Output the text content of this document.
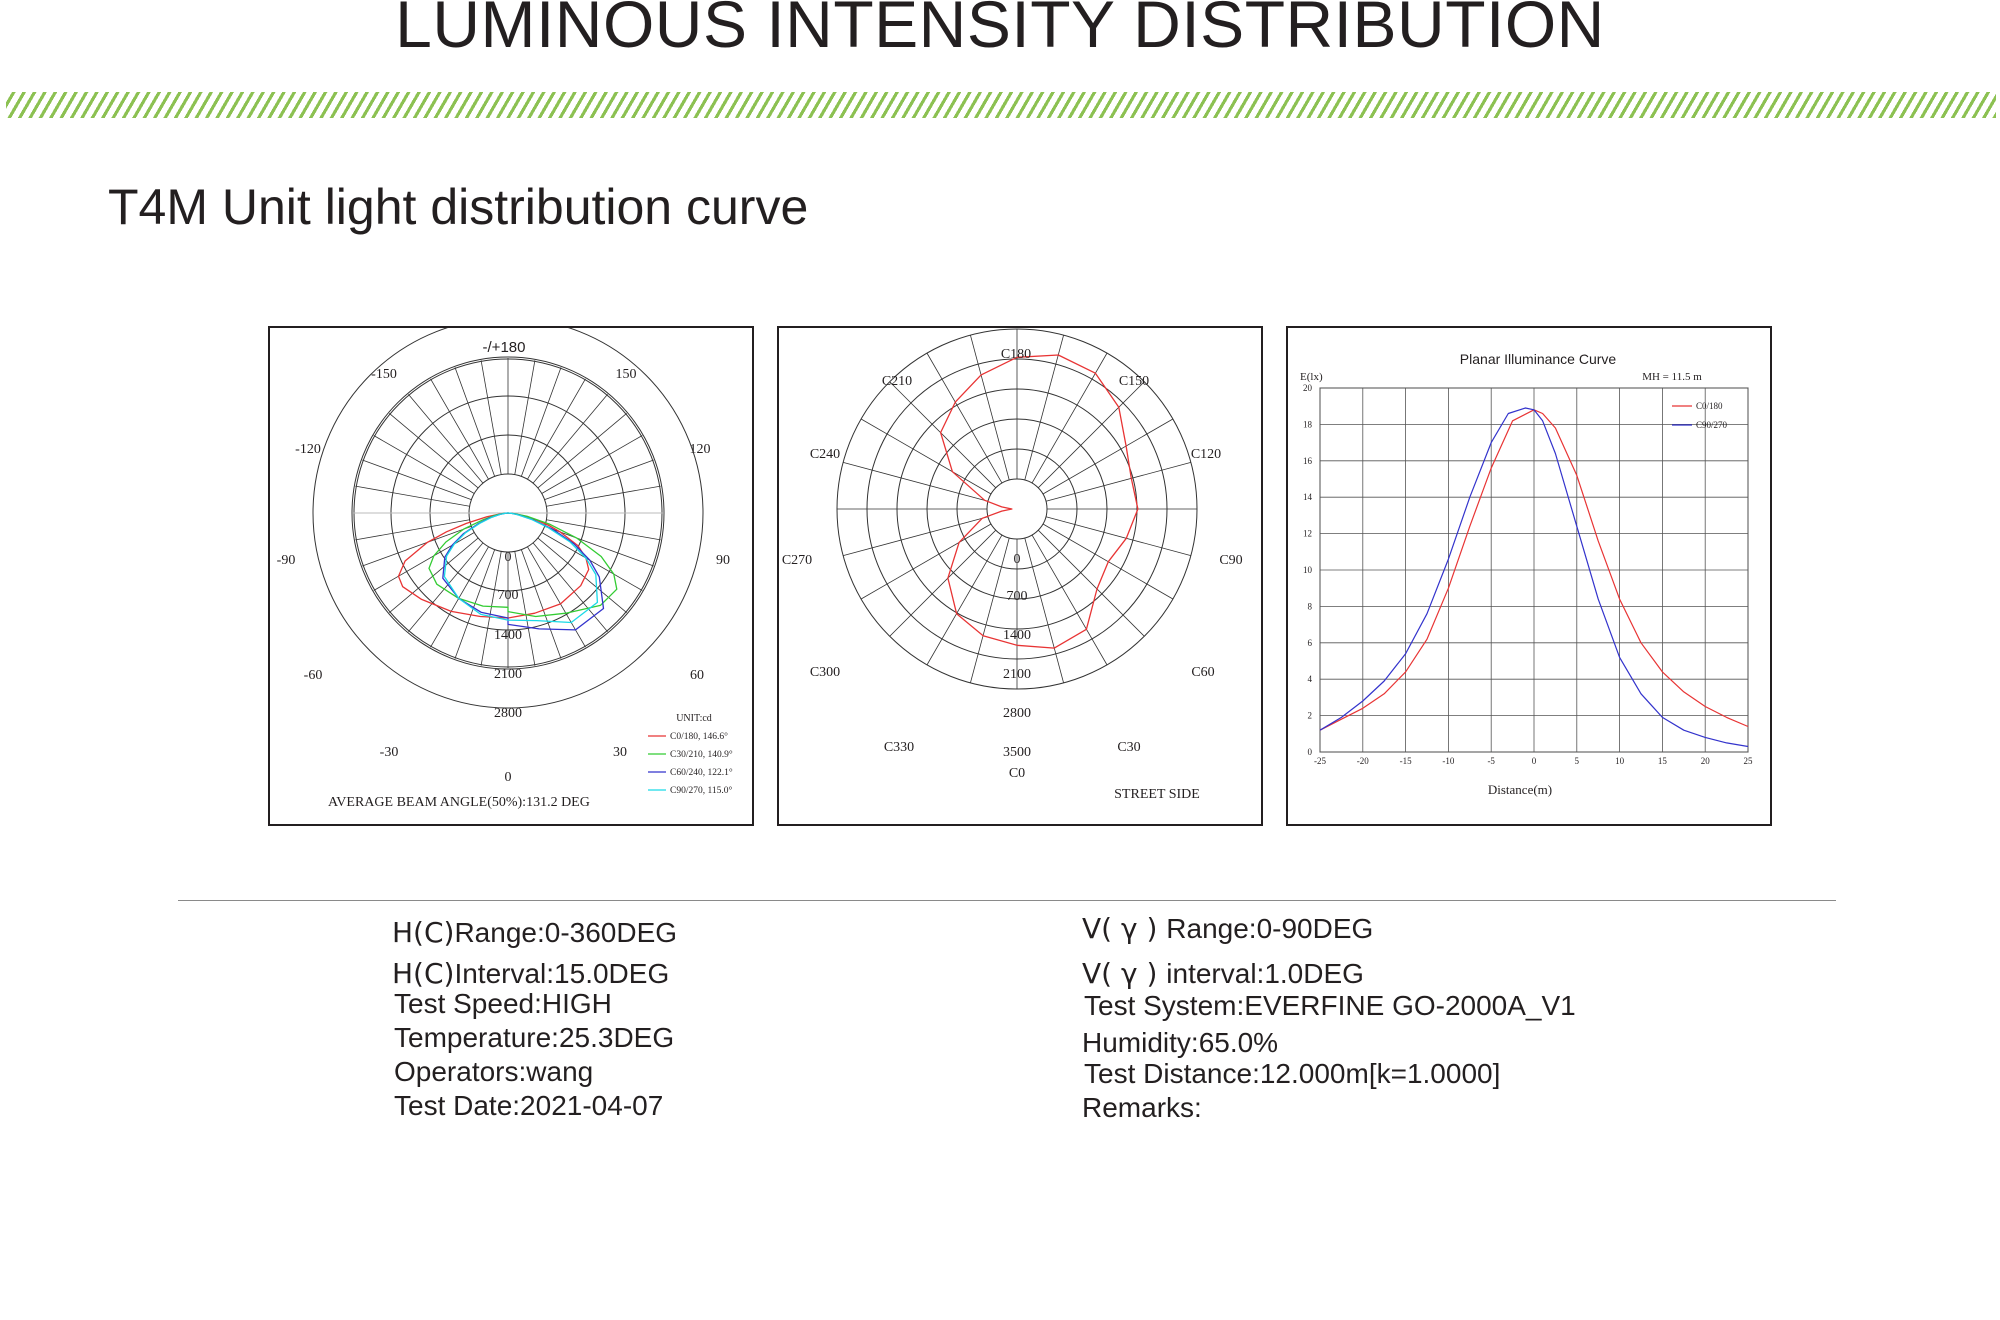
LUMINOUS INTENSITY DISTRIBUTION
T4M Unit light distribution curve
-/+180
-150	150
-120	120
-90	90
-60	60
-30	30
0
0
700
1400
2100
2800	UNIT:cd
C0/180, 146.6°
C30/210, 140.9°
C60/240, 122.1°
C90/270, 115.0°
AVERAGE BEAM ANGLE(50%):131.2 DEG
C180
C150
C120
C90
C60
C30
C0
C330
C300
C270
C240
C210
0
700
1400
2100
2800
3500
STREET SIDE
Planar Illuminance Curve
E(lx)	MH = 11.5 m
C0/180
C90/270
-25	-20	-15	-10	-5	0	5	10	15	20	25
0
2
4
6
8
10
12
14
16
18
20
Distance(m)
H(C)Range:0-360DEG
H(C)Interval:15.0DEG
Test Speed:HIGH
Temperature:25.3DEG
Operators:wang
Test Date:2021-04-07
V( γ ) Range:0-90DEG
V( γ ) interval:1.0DEG
Test System:EVERFINE GO-2000A_V1
Humidity:65.0%
Test Distance:12.000m[k=1.0000]
Remarks:
